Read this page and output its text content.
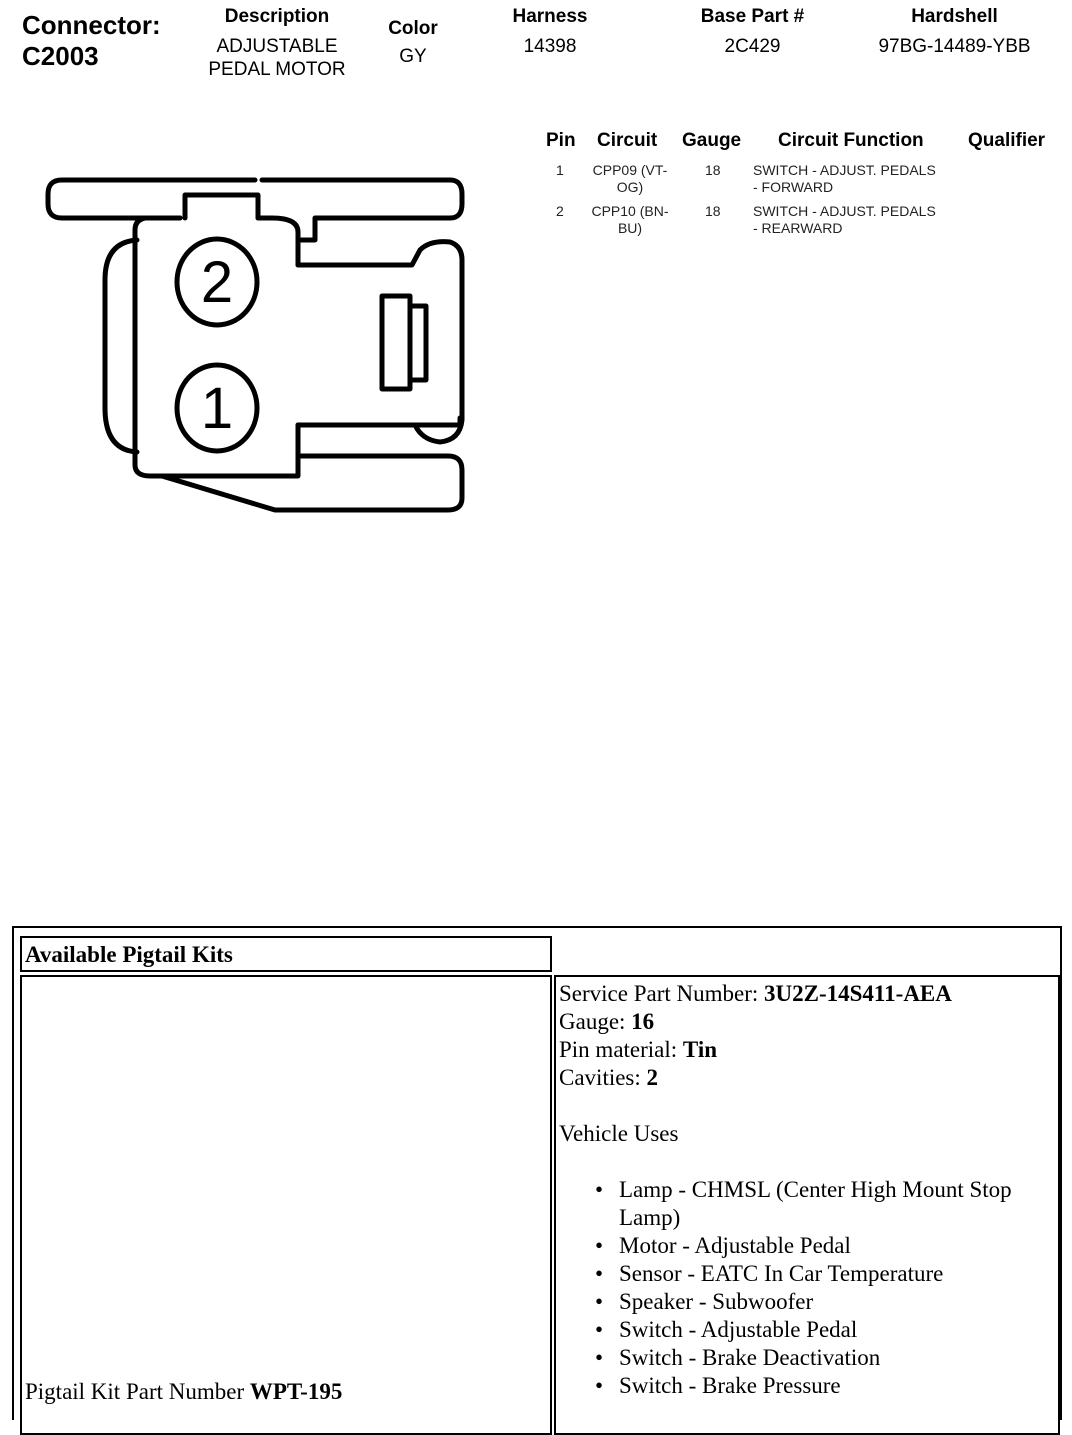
Connector:
C2003
Description
ADJUSTABLE
PEDAL MOTOR
Color
GY
Harness
14398
Base Part #
2C429
Hardshell
97BG-14489-YBB
Pin Circuit Gauge Circuit Function Qualifier
1	CPP09 (VT-
OG)
18 SWITCH - ADJUST. PEDALS
- FORWARD
2	CPP10 (BN-
BU)
18 SWITCH - ADJUST. PEDALS
- REARWARD
2
1
Available Pigtail Kits
Pigtail Kit Part Number WPT-195
Service Part Number: 3U2Z-14S411-AEA
Gauge: 16
Pin material: Tin
Cavities: 2
Vehicle Uses
• Lamp - CHMSL (Center High Mount Stop Lamp)
• Motor - Adjustable Pedal
• Sensor - EATC In Car Temperature
• Speaker - Subwoofer
• Switch - Adjustable Pedal
• Switch - Brake Deactivation
• Switch - Brake Pressure
